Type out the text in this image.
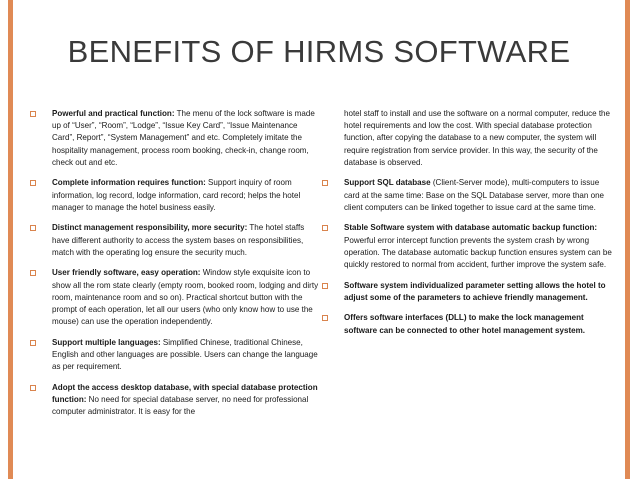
BENEFITS OF HIRMS SOFTWARE
Powerful and practical function: The menu of the lock software is made up of “User”, “Room”, “Lodge”, “Issue Key Card”, “Issue Maintenance Card”, Report”, “System Management” and etc. Completely imitate the hospitality management, process room booking, check-in, change room, check out and etc.
Complete information requires function: Support inquiry of room information, log record, lodge information, card record; helps the hotel manager to manage the hotel business easily.
Distinct management responsibility, more security: The hotel staffs have different authority to access the system bases on responsibilities, match with the operating log ensure the security much.
User friendly software, easy operation: Window style exquisite icon to show all the rom state clearly (empty room, booked room, lodging and dirty room, maintenance room and so on). Practical shortcut button with the prompt of each operation, let all our users (who only know how to use the mouse) can use the operation independently.
Support multiple languages: Simplified Chinese, traditional Chinese, English and other languages are possible. Users can change the language as per requirement.
Adopt the access desktop database, with special database protection function: No need for special database server, no need for professional computer administrator. It is easy for the
hotel staff to install and use the software on a normal computer, reduce the hotel requirements and low the cost. With special database protection function, after copying the database to a new computer, the system will require registration from service provider. In this way, the security of the database is observed.
Support SQL database (Client-Server mode), multi-computers to issue card at the same time: Base on the SQL Database server, more than one client computers can be linked together to issue card at the same time.
Stable Software system with database automatic backup function: Powerful error intercept function prevents the system crash by wrong operation. The database automatic backup function ensures system can be quickly restored to normal from accident, further improve the system safe.
Software system individualized parameter setting allows the hotel to adjust some of the parameters to achieve friendly management.
Offers software interfaces (DLL) to make the lock management software can be connected to other hotel management system.
